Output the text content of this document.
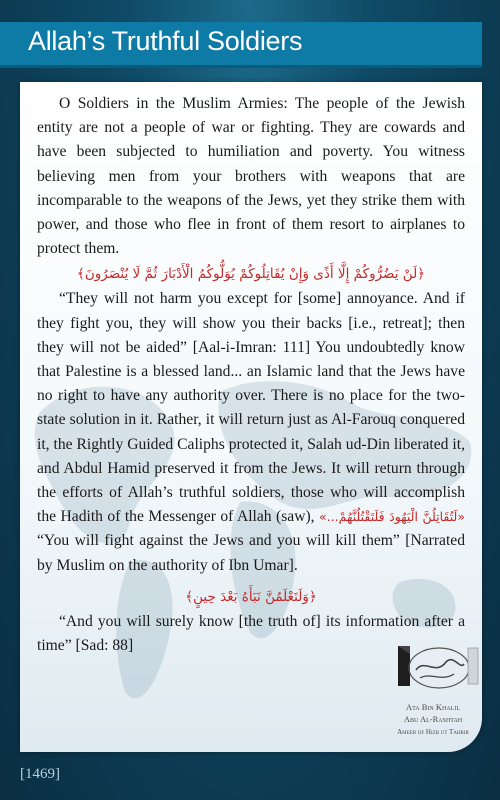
Allah’s Truthful Soldiers

O Soldiers in the Muslim Armies: The people of the Jewish entity are not a people of war or fighting. They are cowards and have been subjected to humiliation and poverty. You witness believing men from your brothers with weapons that are incomparable to the weapons of the Jews, yet they strike them with power, and those who flee in front of them resort to airplanes to protect them.

﴿لَنْ يَضُرُّوكُمْ إِلَّا أَذًى وَإِنْ يُقَاتِلُوكُمْ يُوَلُّوكُمُ الْأَدْبَارَ ثُمَّ لَا يُنْصَرُونَ﴾

“They will not harm you except for [some] annoyance. And if they fight you, they will show you their backs [i.e., retreat]; then they will not be aided” [Aal-i-Imran: 111] You undoubtedly know that Palestine is a blessed land... an Islamic land that the Jews have no right to have any authority over. There is no place for the two-state solution in it. Rather, it will return just as Al-Farouq conquered it, the Rightly Guided Caliphs protected it, Salah ud-Din liberated it, and Abdul Hamid preserved it from the Jews. It will return through the efforts of Allah’s truthful soldiers, those who will accomplish the Hadith of the Messenger of Allah (saw), «...لَتُقَاتِلُنَّ الْيَهُودَ فَلَتَقْتُلُنَّهُمْ» “You will fight against the Jews and you will kill them” [Narrated by Muslim on the authority of Ibn Umar].

﴿وَلَتَعْلَمُنَّ نَبَأَهُ بَعْدَ حِينٍ﴾

“And you will surely know [the truth of] its information after a time” [Sad: 88]

Ata Bin Khalil
Abu Al-Rashtah
Ameer of Hizb ut Tahrir
[1469]
